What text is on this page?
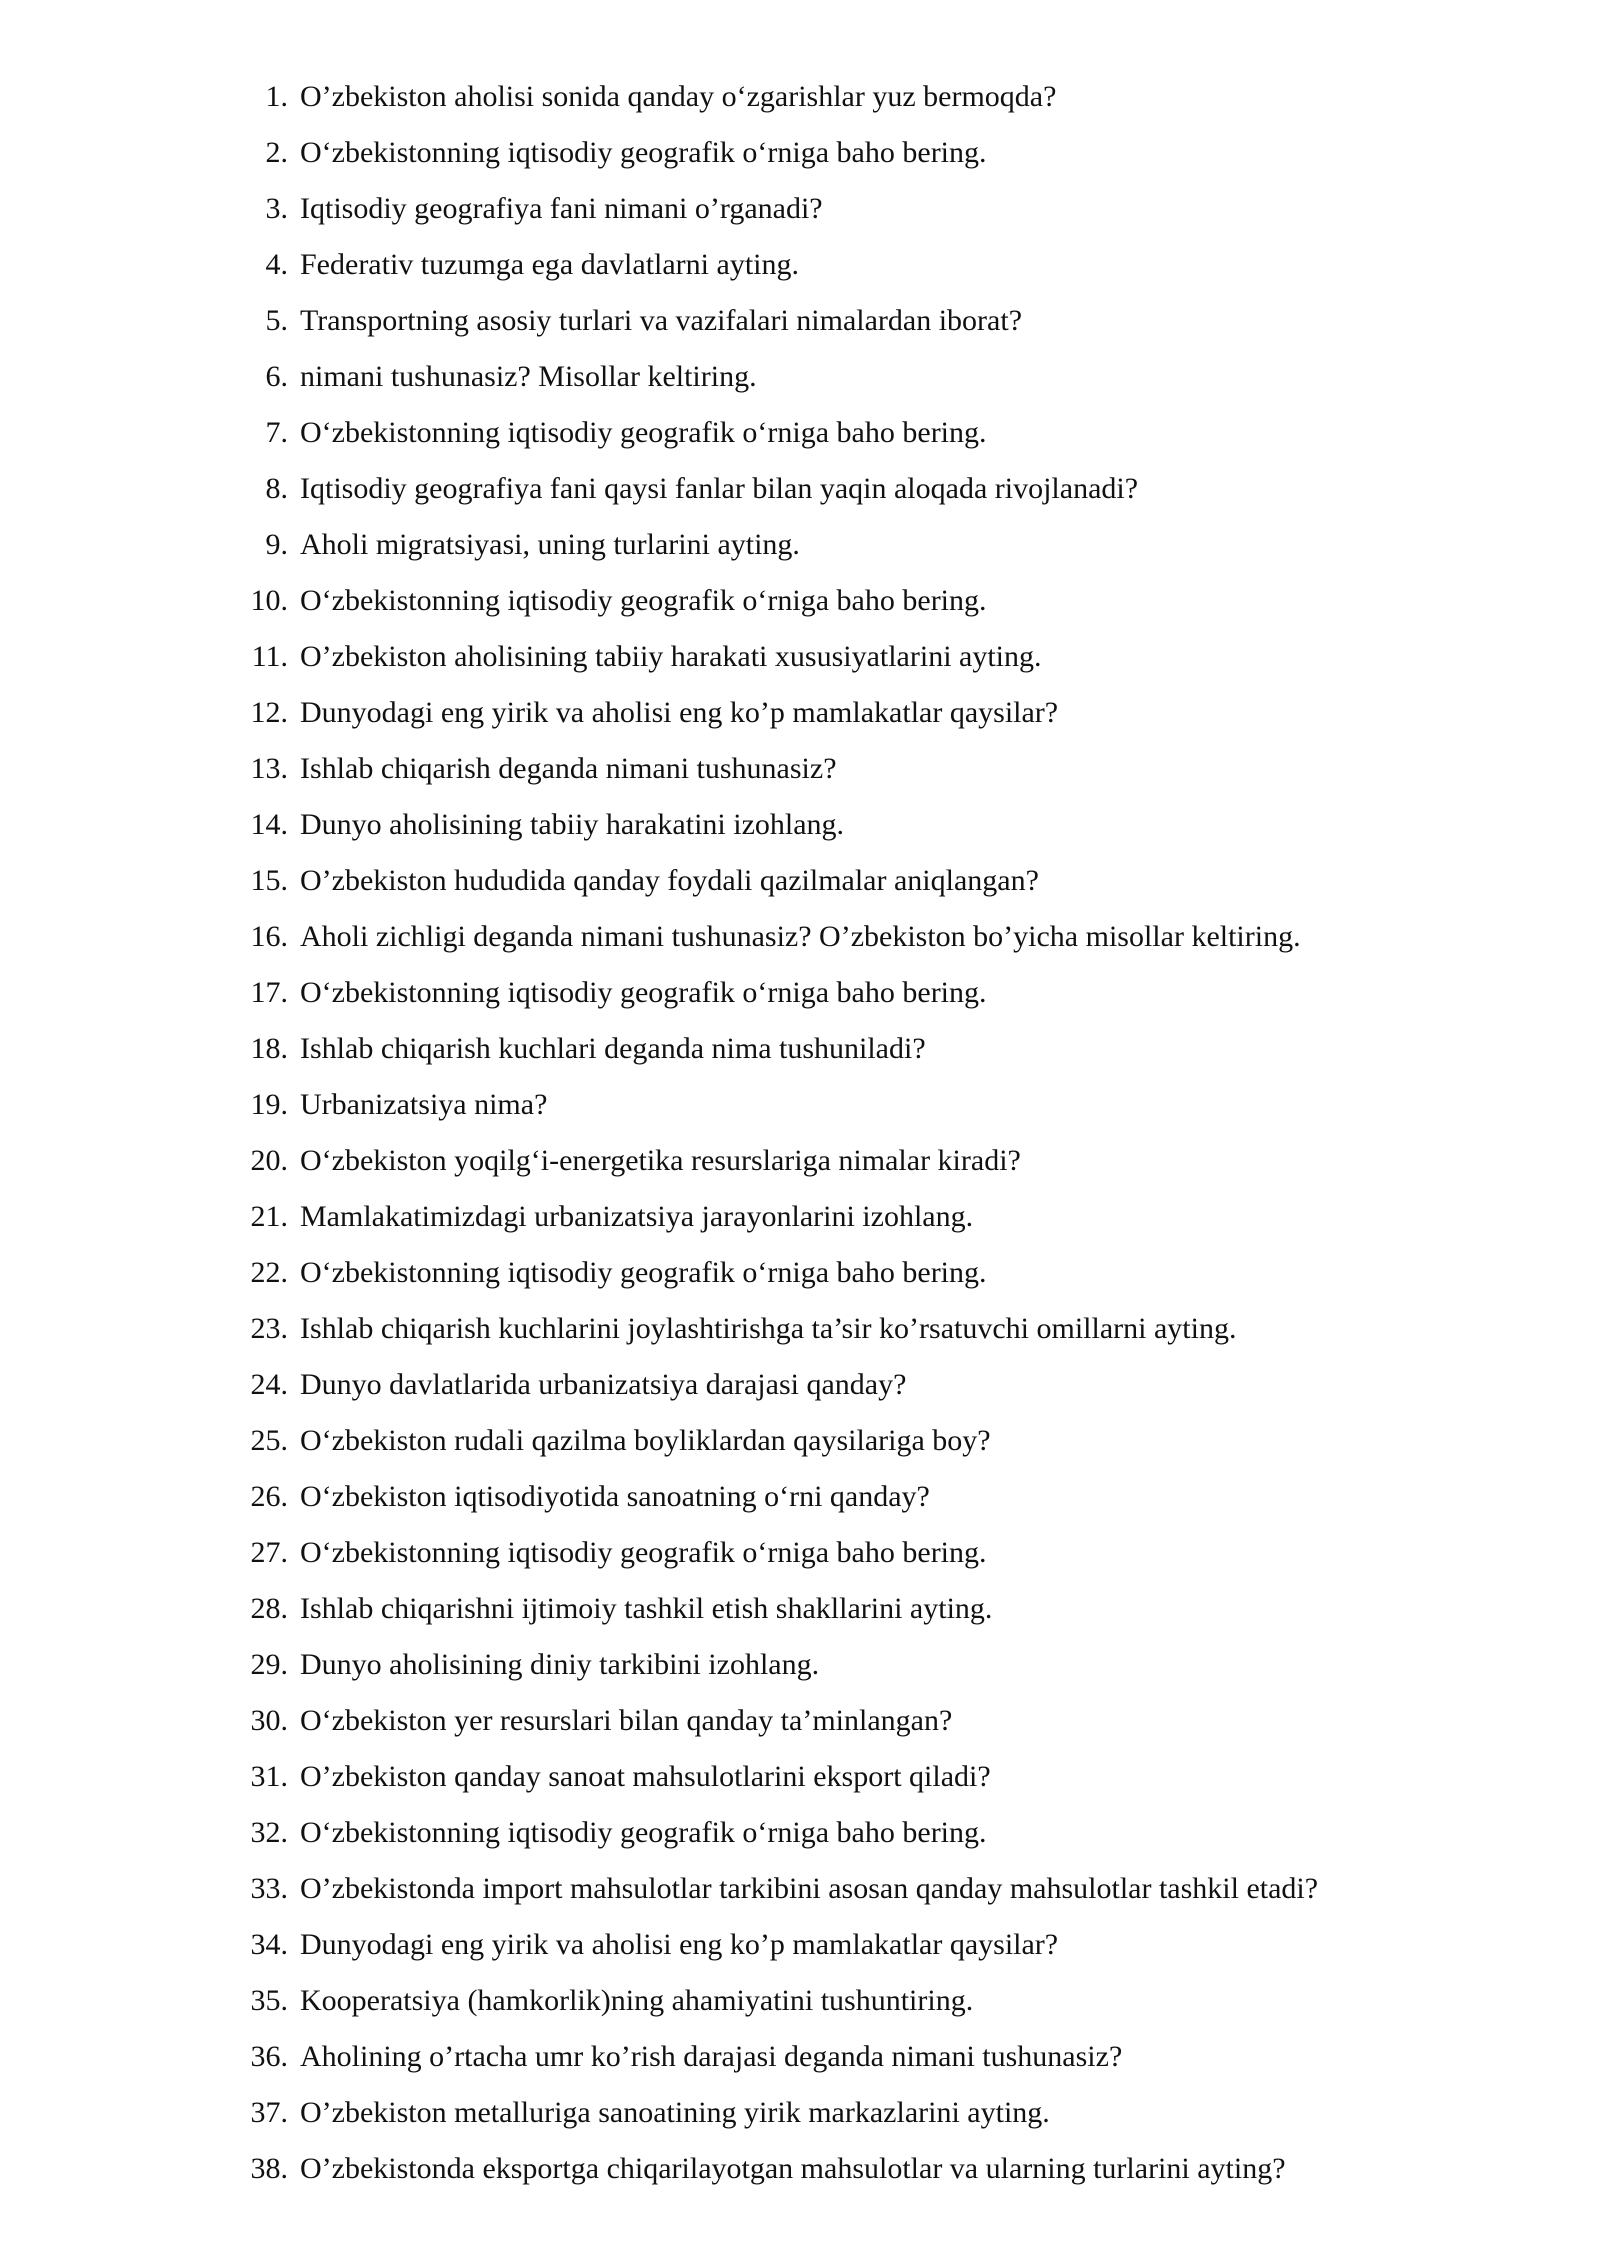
1. O’zbekiston aholisi sonida qanday o‘zgarishlar yuz bermoqda?
2. O‘zbekistonning iqtisodiy geografik o‘rniga baho bering.
3. Iqtisodiy geografiya fani nimani o’rganadi?
4. Federativ tuzumga ega davlatlarni ayting.
5. Transportning asosiy turlari va vazifalari nimalardan iborat?
6. nimani tushunasiz? Misollar keltiring.
7. O‘zbekistonning iqtisodiy geografik o‘rniga baho bering.
8. Iqtisodiy geografiya fani qaysi fanlar bilan yaqin aloqada rivojlanadi?
9. Aholi migratsiyasi, uning turlarini ayting.
10. O‘zbekistonning iqtisodiy geografik o‘rniga baho bering.
11. O’zbekiston aholisining tabiiy harakati xususiyatlarini ayting.
12. Dunyodagi eng yirik va aholisi eng ko’p mamlakatlar qaysilar?
13. Ishlab chiqarish deganda nimani tushunasiz?
14. Dunyo aholisining tabiiy harakatini izohlang.
15. O’zbekiston hududida qanday foydali qazilmalar aniqlangan?
16. Aholi zichligi deganda nimani tushunasiz? O’zbekiston bo’yicha misollar keltiring.
17. O‘zbekistonning iqtisodiy geografik o‘rniga baho bering.
18. Ishlab chiqarish kuchlari deganda nima tushuniladi?
19. Urbanizatsiya nima?
20. O‘zbekiston yoqilg‘i-energetika resurslariga nimalar kiradi?
21. Mamlakatimizdagi urbanizatsiya jarayonlarini izohlang.
22. O‘zbekistonning iqtisodiy geografik o‘rniga baho bering.
23. Ishlab chiqarish kuchlarini joylashtirishga ta’sir ko’rsatuvchi omillarni ayting.
24. Dunyo davlatlarida urbanizatsiya darajasi qanday?
25. O‘zbekiston rudali qazilma boyliklardan qaysilariga boy?
26. O‘zbekiston iqtisodiyotida sanoatning o‘rni qanday?
27. O‘zbekistonning iqtisodiy geografik o‘rniga baho bering.
28. Ishlab chiqarishni ijtimoiy tashkil etish shakllarini ayting.
29. Dunyo aholisining diniy tarkibini izohlang.
30. O‘zbekiston yer resurslari bilan qanday ta’minlangan?
31. O’zbekiston qanday sanoat mahsulotlarini eksport qiladi?
32. O‘zbekistonning iqtisodiy geografik o‘rniga baho bering.
33. O’zbekistonda import mahsulotlar tarkibini asosan qanday mahsulotlar tashkil etadi?
34. Dunyodagi eng yirik va aholisi eng ko’p mamlakatlar qaysilar?
35. Kooperatsiya (hamkorlik)ning ahamiyatini tushuntiring.
36. Aholining o’rtacha umr ko’rish darajasi deganda nimani tushunasiz?
37. O’zbekiston metalluriga sanoatining yirik markazlarini ayting.
38. O’zbekistonda eksportga chiqarilayotgan mahsulotlar va ularning turlarini ayting?
